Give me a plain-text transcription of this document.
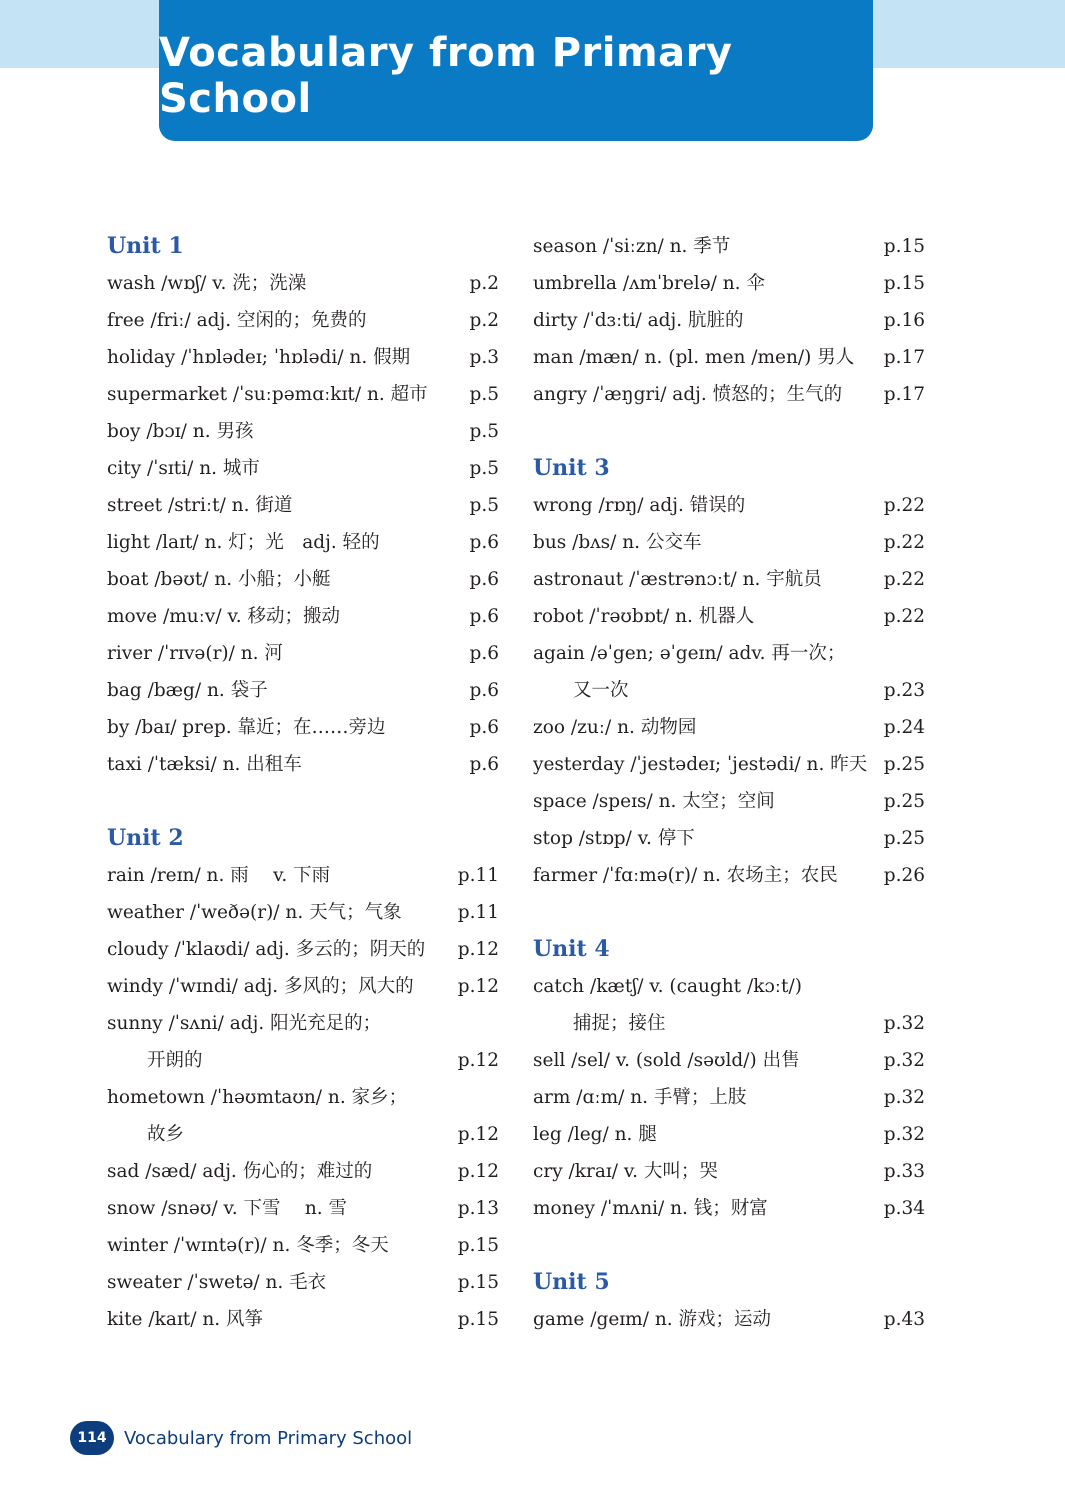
Vocabulary from Primary School
Unit 1
wash /wɒʃ/ v. 洗；洗澡	p.2
free /friː/ adj. 空闲的；免费的	p.2
holiday /ˈhɒlədeɪ; ˈhɒlədi/ n. 假期	p.3
supermarket /ˈsuːpəmɑːkɪt/ n. 超市	p.5
boy /bɔɪ/ n. 男孩	p.5
city /ˈsɪti/ n. 城市	p.5
street /striːt/ n. 街道	p.5
light /laɪt/ n. 灯；光　adj. 轻的	p.6
boat /bəʊt/ n. 小船；小艇	p.6
move /muːv/ v. 移动；搬动	p.6
river /ˈrɪvə(r)/ n. 河	p.6
bag /bæg/ n. 袋子	p.6
by /baɪ/ prep. 靠近；在……旁边	p.6
taxi /ˈtæksi/ n. 出租车	p.6
Unit 2
rain /reɪn/ n. 雨　 v. 下雨	p.11
weather /ˈweðə(r)/ n. 天气；气象	p.11
cloudy /ˈklaʊdi/ adj. 多云的；阴天的	p.12
windy /ˈwɪndi/ adj. 多风的；风大的	p.12
sunny /ˈsʌni/ adj. 阳光充足的；
开朗的	p.12
hometown /ˈhəʊmtaʊn/ n. 家乡；
故乡	p.12
sad /sæd/ adj. 伤心的；难过的	p.12
snow /snəʊ/ v. 下雪　 n. 雪	p.13
winter /ˈwɪntə(r)/ n. 冬季；冬天	p.15
sweater /ˈswetə/ n. 毛衣	p.15
kite /kaɪt/ n. 风筝	p.15
season /ˈsiːzn/ n. 季节	p.15
umbrella /ʌmˈbrelə/ n. 伞	p.15
dirty /ˈdɜːti/ adj. 肮脏的	p.16
man /mæn/ n. (pl. men /men/) 男人	p.17
angry /ˈæŋgri/ adj. 愤怒的；生气的	p.17
Unit 3
wrong /rɒŋ/ adj. 错误的	p.22
bus /bʌs/ n. 公交车	p.22
astronaut /ˈæstrənɔːt/ n. 宇航员	p.22
robot /ˈrəʊbɒt/ n. 机器人	p.22
again /əˈgen; əˈgeɪn/ adv. 再一次；
又一次	p.23
zoo /zuː/ n. 动物园	p.24
yesterday /ˈjestədeɪ; ˈjestədi/ n. 昨天 p.25
space /speɪs/ n. 太空；空间	p.25
stop /stɒp/ v. 停下	p.25
farmer /ˈfɑːmə(r)/ n. 农场主；农民	p.26
Unit 4
catch /kætʃ/ v. (caught /kɔːt/)
捕捉；接住	p.32
sell /sel/ v. (sold /səʊld/) 出售	p.32
arm /ɑːm/ n. 手臂；上肢	p.32
leg /leg/ n. 腿	p.32
cry /kraɪ/ v. 大叫；哭	p.33
money /ˈmʌni/ n. 钱；财富	p.34
Unit 5
game /geɪm/ n. 游戏；运动	p.43
114 Vocabulary from Primary School
